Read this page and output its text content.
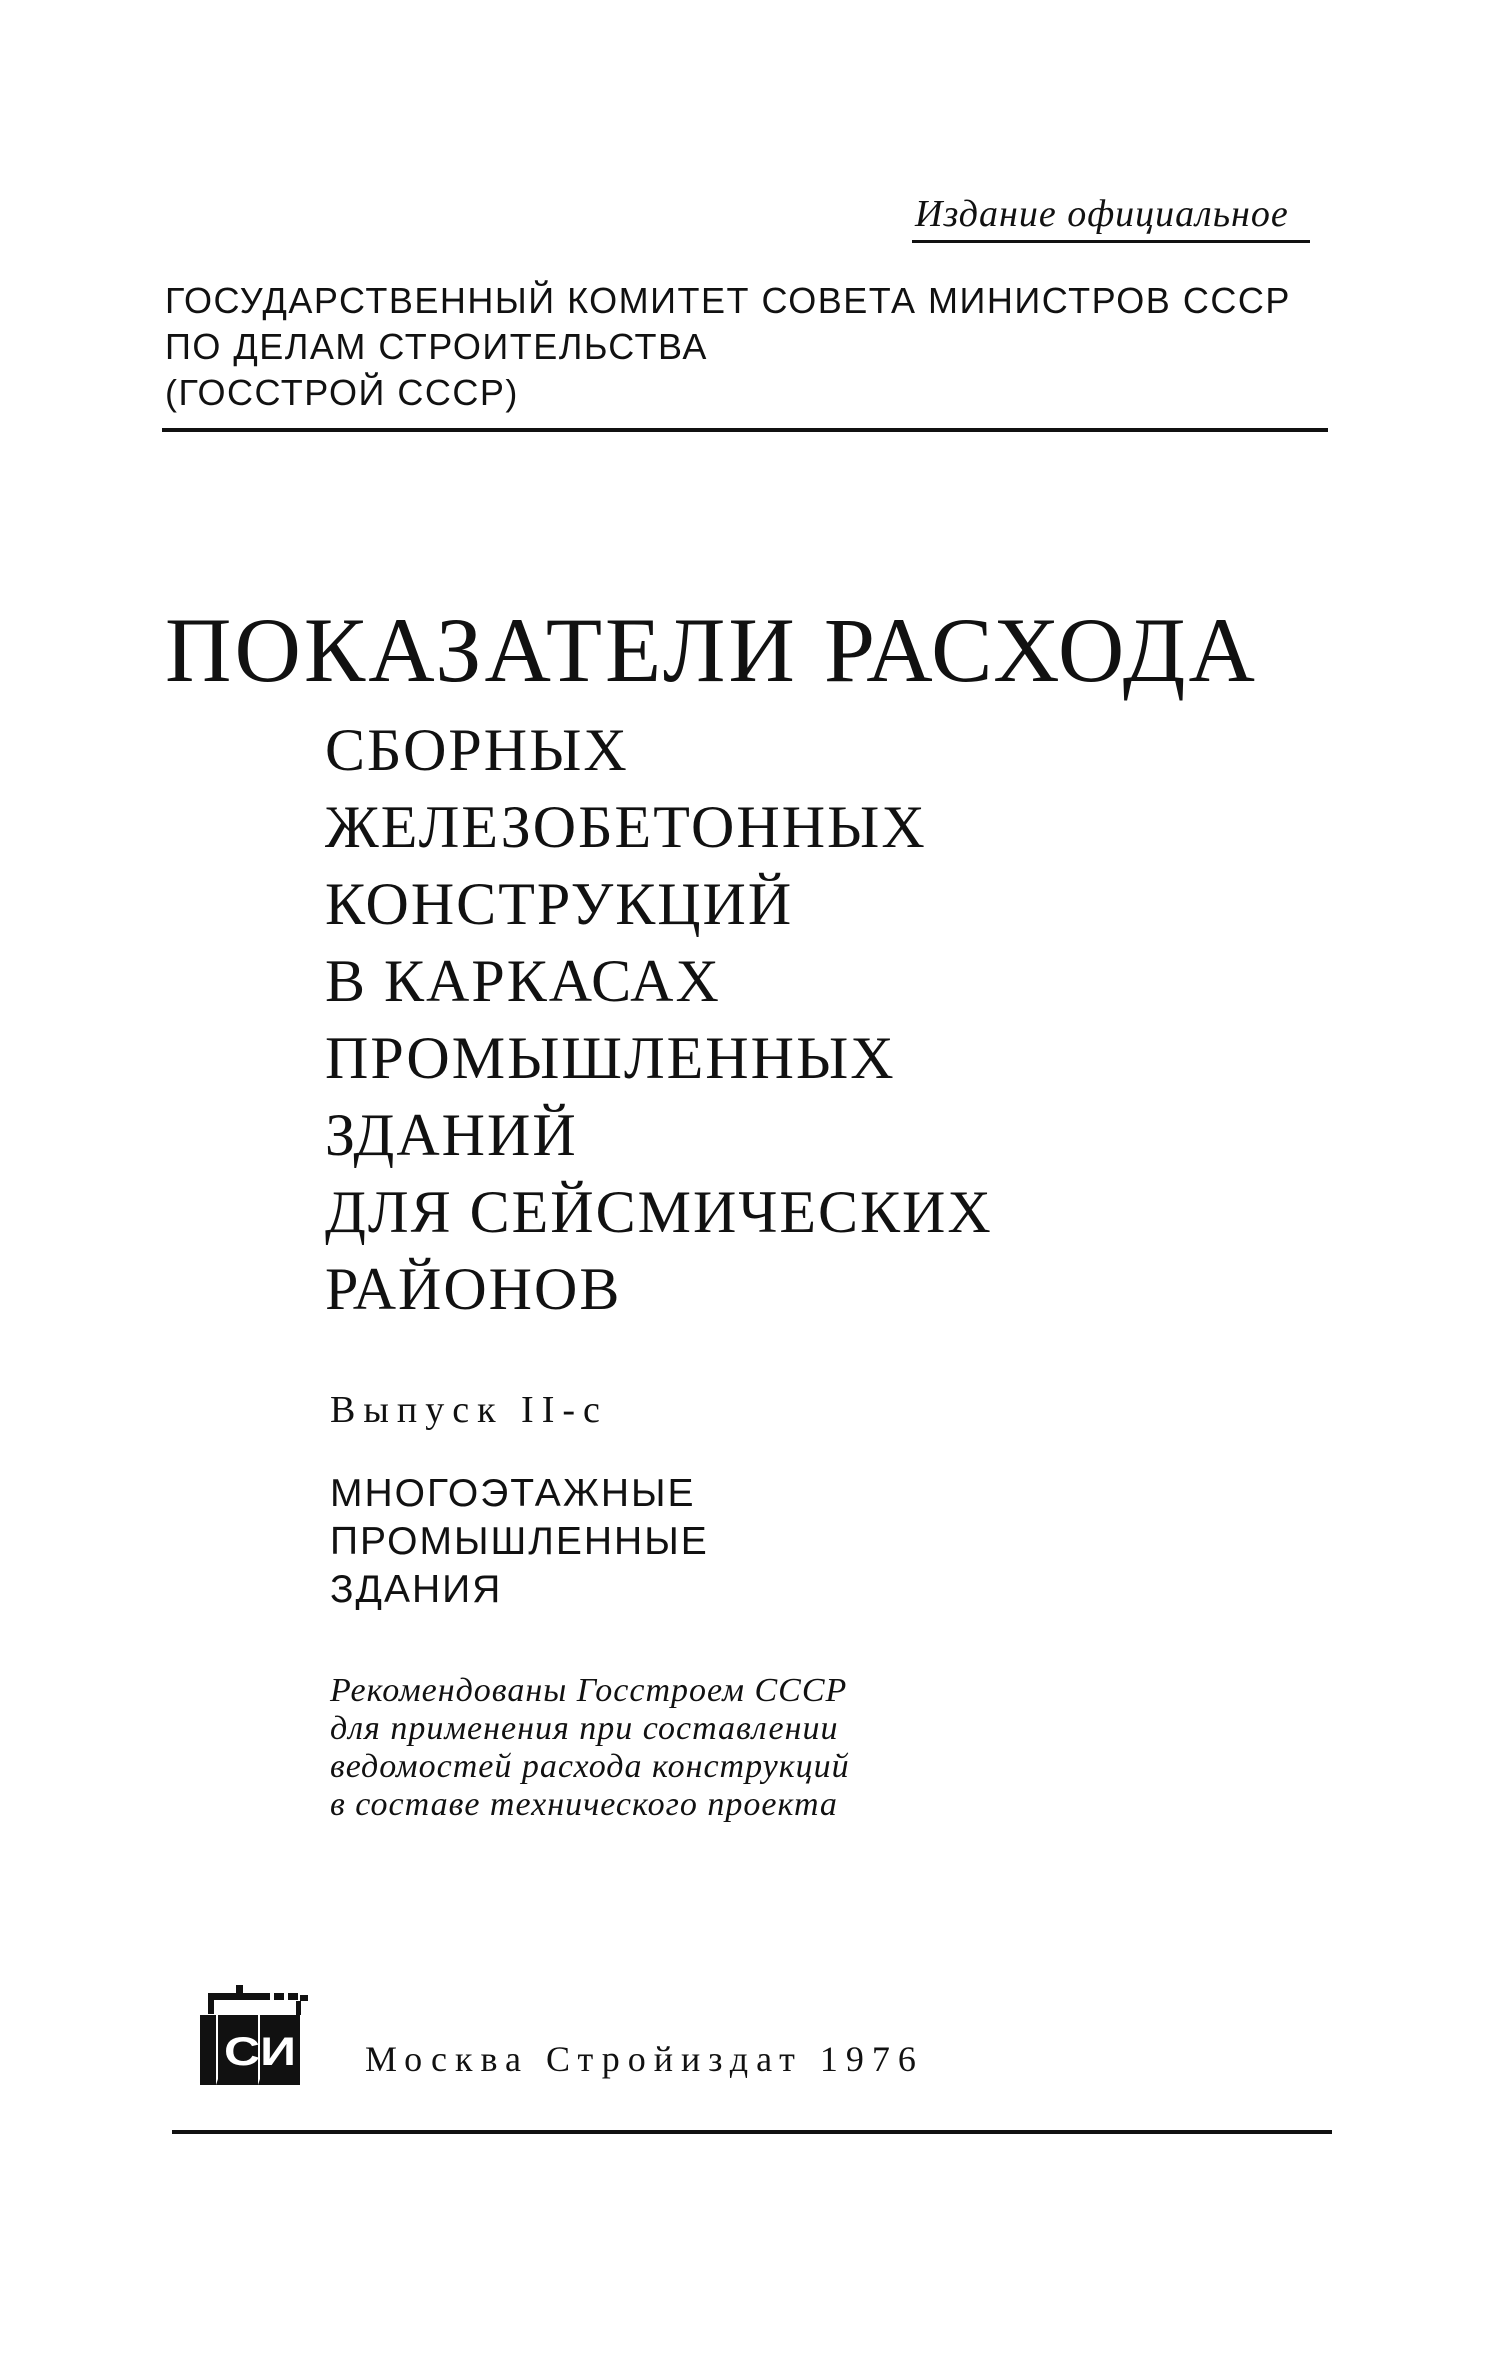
Издание официальное
ГОСУДАРСТВЕННЫЙ КОМИТЕТ СОВЕТА МИНИСТРОВ СССР
ПО ДЕЛАМ СТРОИТЕЛЬСТВА
(ГОССТРОЙ СССР)
ПОКАЗАТЕЛИ РАСХОДА
СБОРНЫХ
ЖЕЛЕЗОБЕТОННЫХ
КОНСТРУКЦИЙ
В КАРКАСАХ
ПРОМЫШЛЕННЫХ
ЗДАНИЙ
ДЛЯ СЕЙСМИЧЕСКИХ
РАЙОНОВ
Выпуск II-с
МНОГОЭТАЖНЫЕ
ПРОМЫШЛЕННЫЕ
ЗДАНИЯ
Рекомендованы Госстроем СССР
для применения при составлении
ведомостей расхода конструкций
в составе технического проекта
СИ Москва Стройиздат 1976
